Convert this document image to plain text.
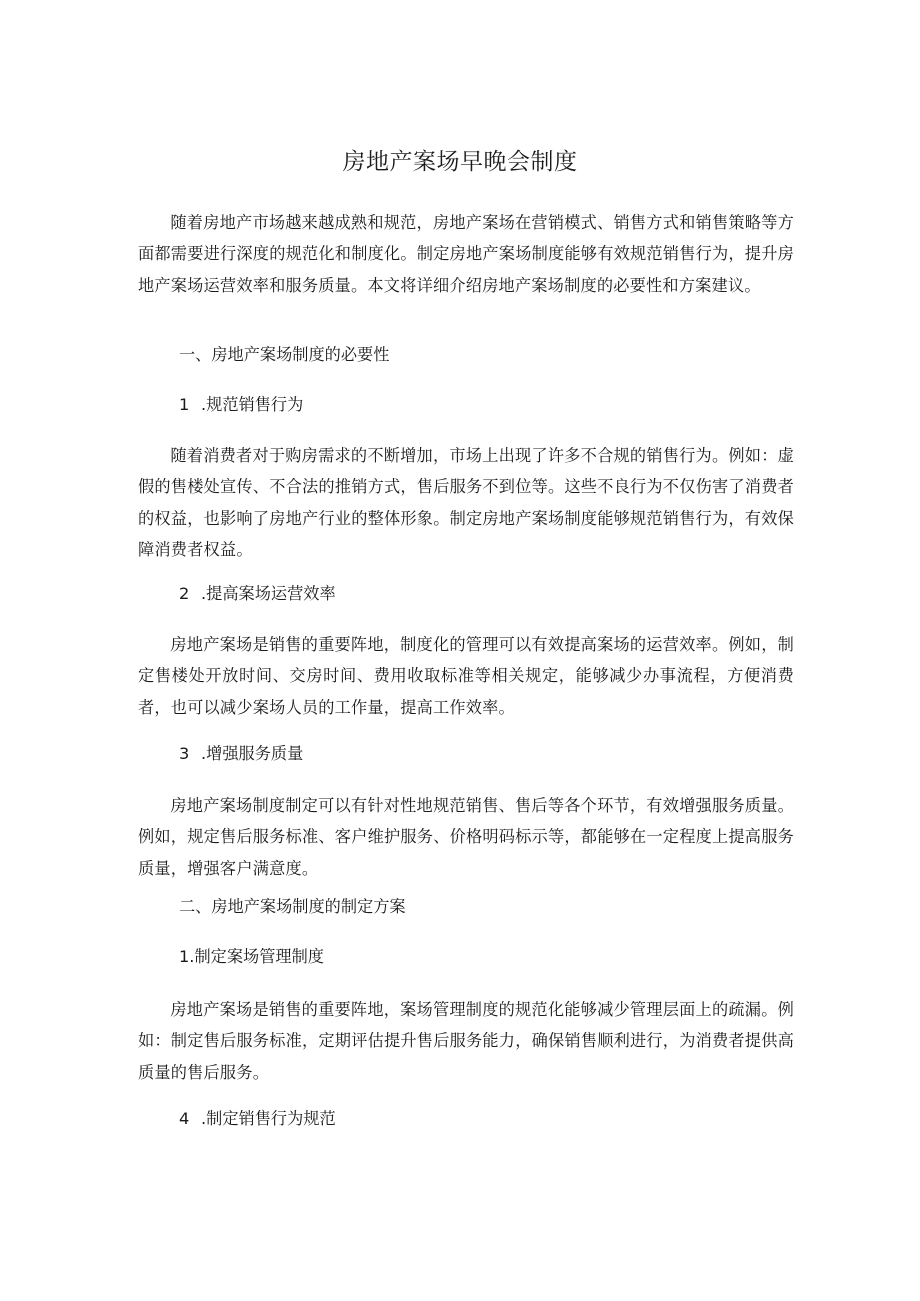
房地产案场早晚会制度

随着房地产市场越来越成熟和规范，房地产案场在营销模式、销售方式和销售策略等方面都需要进行深度的规范化和制度化。制定房地产案场制度能够有效规范销售行为，提升房地产案场运营效率和服务质量。本文将详细介绍房地产案场制度的必要性和方案建议。

一、房地产案场制度的必要性
1 .规范销售行为

随着消费者对于购房需求的不断增加，市场上出现了许多不合规的销售行为。例如：虚假的售楼处宣传、不合法的推销方式，售后服务不到位等。这些不良行为不仅伤害了消费者的权益，也影响了房地产行业的整体形象。制定房地产案场制度能够规范销售行为，有效保障消费者权益。

2 .提高案场运营效率

房地产案场是销售的重要阵地，制度化的管理可以有效提高案场的运营效率。例如，制定售楼处开放时间、交房时间、费用收取标准等相关规定，能够减少办事流程，方便消费者，也可以减少案场人员的工作量，提高工作效率。

3 .增强服务质量

房地产案场制度制定可以有针对性地规范销售、售后等各个环节，有效增强服务质量。例如，规定售后服务标准、客户维护服务、价格明码标示等，都能够在一定程度上提高服务质量，增强客户满意度。

二、房地产案场制度的制定方案
1.制定案场管理制度

房地产案场是销售的重要阵地，案场管理制度的规范化能够减少管理层面上的疏漏。例如：制定售后服务标准，定期评估提升售后服务能力，确保销售顺利进行，为消费者提供高质量的售后服务。

4 .制定销售行为规范
